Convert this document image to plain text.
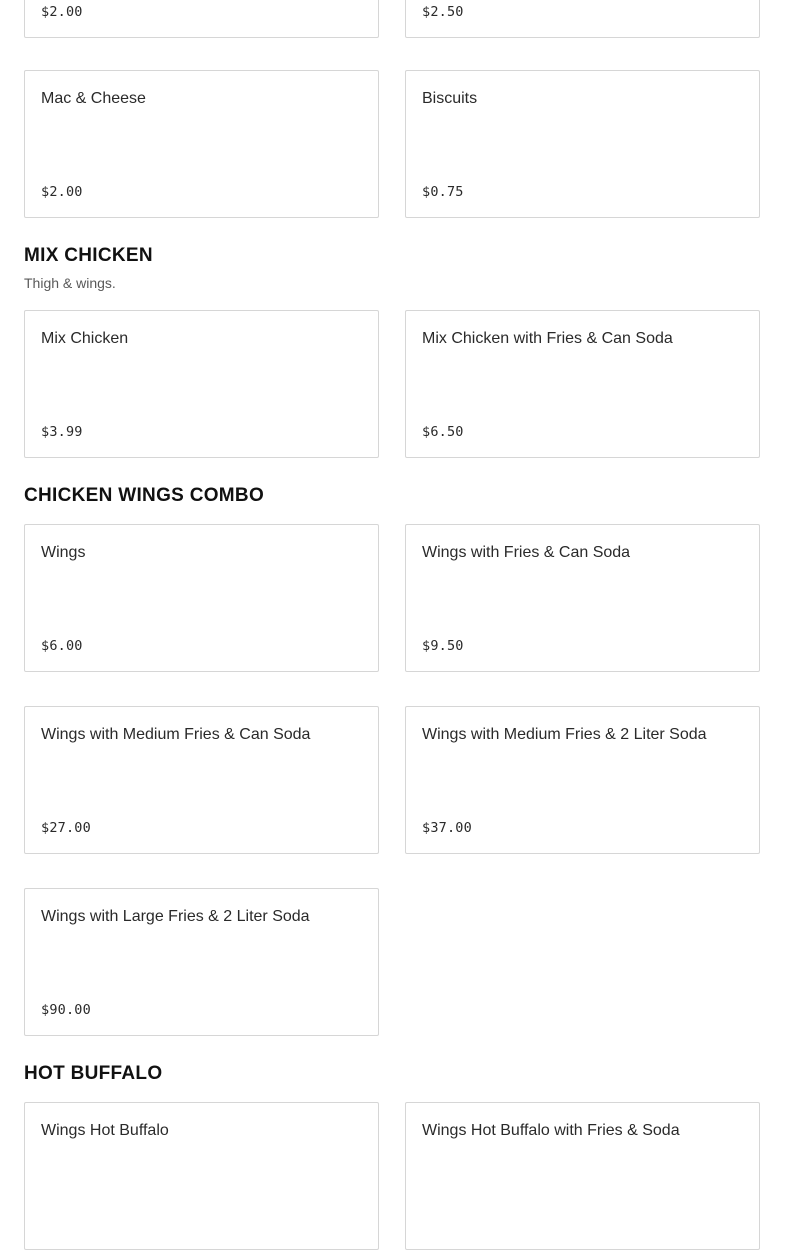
$2.00	$2.50
Mac & Cheese
$2.00
Biscuits
$0.75
MIX CHICKEN
Thigh & wings.
Mix Chicken
$3.99
Mix Chicken with Fries & Can Soda
$6.50
CHICKEN WINGS COMBO
Wings
$6.00
Wings with Fries & Can Soda
$9.50
Wings with Medium Fries & Can Soda
$27.00
Wings with Medium Fries & 2 Liter Soda
$37.00
Wings with Large Fries & 2 Liter Soda
$90.00
HOT BUFFALO
Wings Hot Buffalo	Wings Hot Buffalo with Fries & Soda
